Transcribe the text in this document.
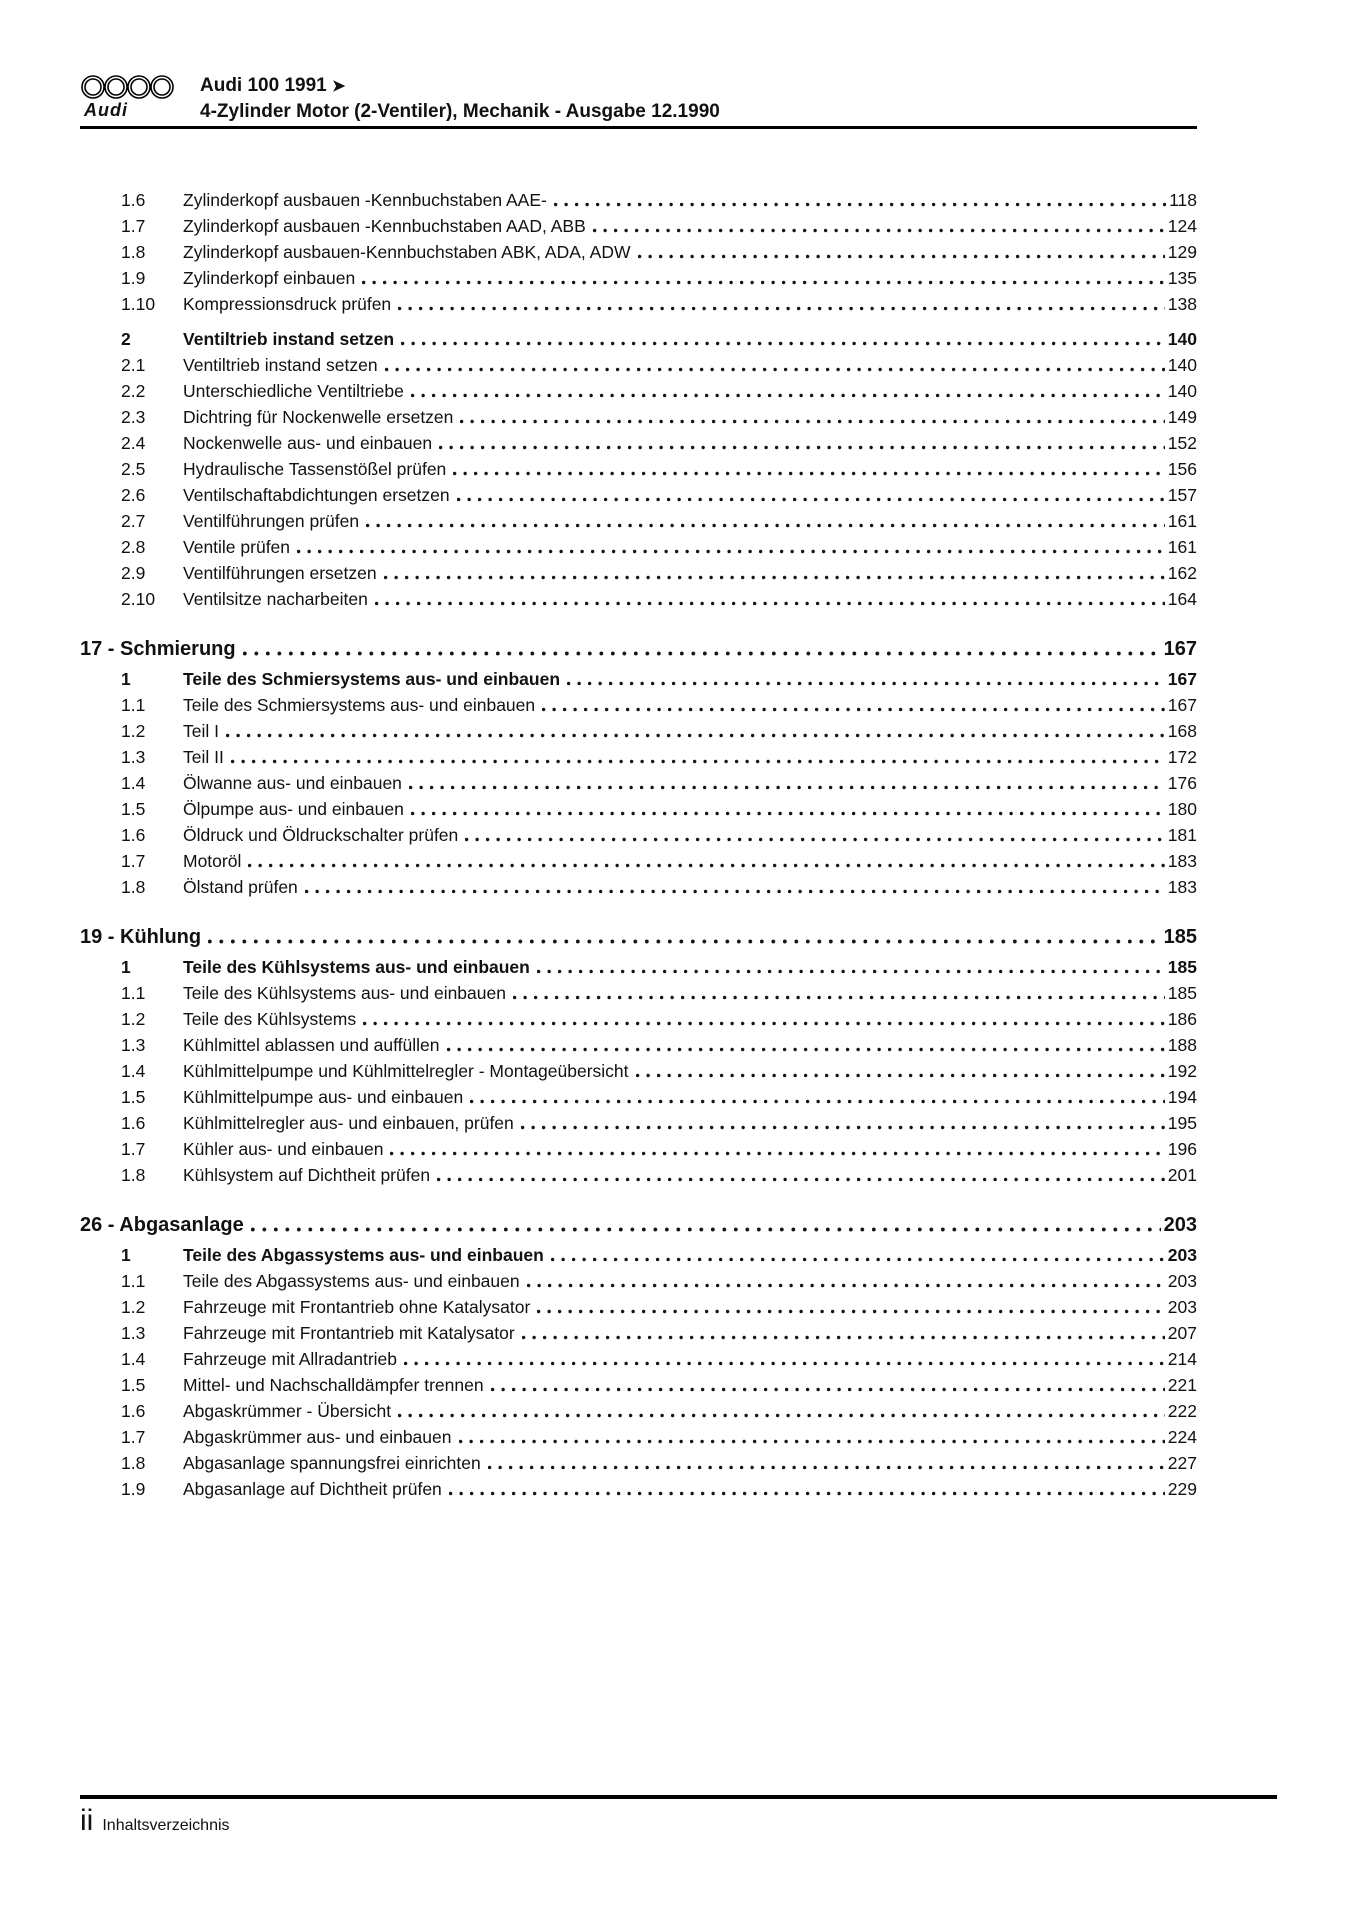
Audi
Audi 100 1991 ➤
4-Zylinder Motor (2-Ventiler), Mechanik - Ausgabe 12.1990
1.6	Zylinderkopf ausbauen -Kennbuchstaben AAE-	118
1.7	Zylinderkopf ausbauen -Kennbuchstaben AAD, ABB	124
1.8	Zylinderkopf ausbauen-Kennbuchstaben ABK, ADA, ADW	129
1.9	Zylinderkopf einbauen	135
1.10	Kompressionsdruck prüfen	138
2	Ventiltrieb instand setzen	140
2.1	Ventiltrieb instand setzen	140
2.2	Unterschiedliche Ventiltriebe	140
2.3	Dichtring für Nockenwelle ersetzen	149
2.4	Nockenwelle aus- und einbauen	152
2.5	Hydraulische Tassenstößel prüfen	156
2.6	Ventilschaftabdichtungen ersetzen	157
2.7	Ventilführungen prüfen	161
2.8	Ventile prüfen	161
2.9	Ventilführungen ersetzen	162
2.10	Ventilsitze nacharbeiten	164
17 - Schmierung	167
1	Teile des Schmiersystems aus- und einbauen	167
1.1	Teile des Schmiersystems aus- und einbauen	167
1.2	Teil I	168
1.3	Teil II	172
1.4	Ölwanne aus- und einbauen	176
1.5	Ölpumpe aus- und einbauen	180
1.6	Öldruck und Öldruckschalter prüfen	181
1.7	Motoröl	183
1.8	Ölstand prüfen	183
19 - Kühlung	185
1	Teile des Kühlsystems aus- und einbauen	185
1.1	Teile des Kühlsystems aus- und einbauen	185
1.2	Teile des Kühlsystems	186
1.3	Kühlmittel ablassen und auffüllen	188
1.4	Kühlmittelpumpe und Kühlmittelregler - Montageübersicht	192
1.5	Kühlmittelpumpe aus- und einbauen	194
1.6	Kühlmittelregler aus- und einbauen, prüfen	195
1.7	Kühler aus- und einbauen	196
1.8	Kühlsystem auf Dichtheit prüfen	201
26 - Abgasanlage	203
1	Teile des Abgassystems aus- und einbauen	203
1.1	Teile des Abgassystems aus- und einbauen	203
1.2	Fahrzeuge mit Frontantrieb ohne Katalysator	203
1.3	Fahrzeuge mit Frontantrieb mit Katalysator	207
1.4	Fahrzeuge mit Allradantrieb	214
1.5	Mittel- und Nachschalldämpfer trennen	221
1.6	Abgaskrümmer - Übersicht	222
1.7	Abgaskrümmer aus- und einbauen	224
1.8	Abgasanlage spannungsfrei einrichten	227
1.9	Abgasanlage auf Dichtheit prüfen	229
ii Inhaltsverzeichnis
